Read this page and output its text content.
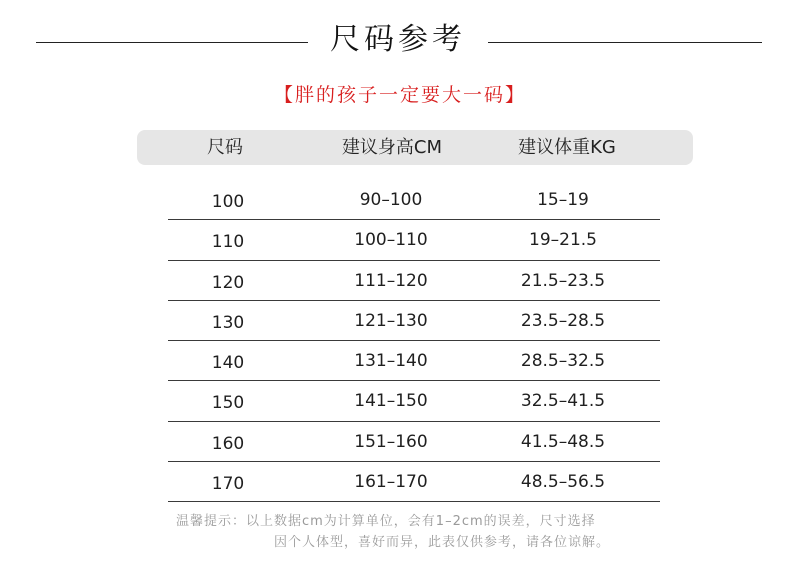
尺码参考
【胖的孩子一定要大一码】
尺码	建议身高CM	建议体重KG
100	90–100	15–19
110	100–110	19–21.5
120	111–120	21.5–23.5
130	121–130	23.5–28.5
140	131–140	28.5–32.5
150	141–150	32.5–41.5
160	151–160	41.5–48.5
170	161–170	48.5–56.5
温馨提示：以上数据cm为计算单位，会有1–2cm的误差，尺寸选择
因个人体型，喜好而异，此表仅供参考，请各位谅解。
